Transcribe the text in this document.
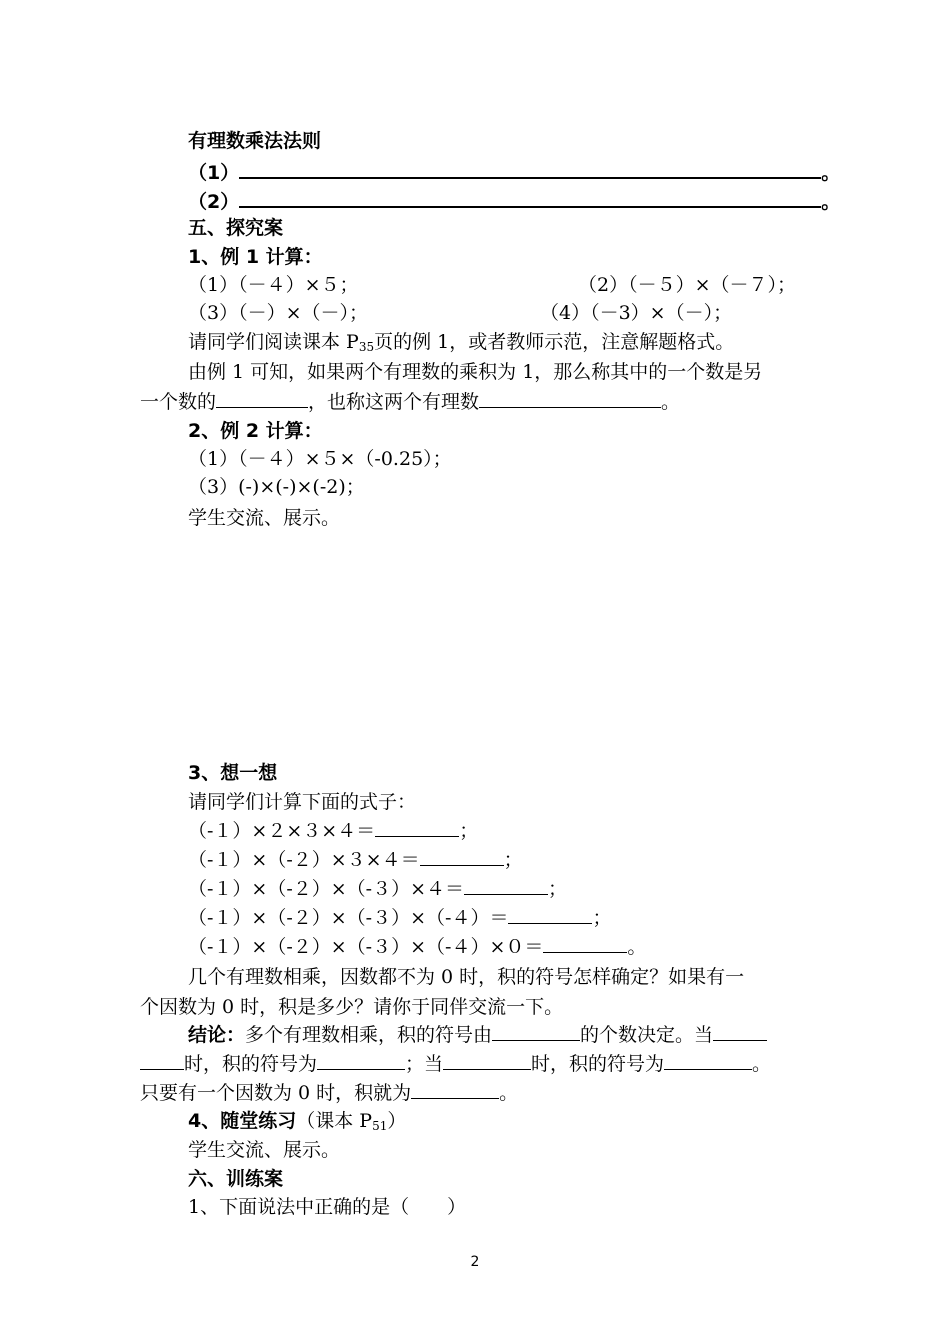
有理数乘法法则
（1）	。
（2）	。
五、探究案
1、例 1 计算：
（1）（－４）×５；	（2）（－５）×（－７）；
（3）（－）×（－）；	（4）（－3）×（－）；
请同学们阅读课本 $P_{35}$页的例 1，或者教师示范，注意解题格式。
由例 1 可知，如果两个有理数的乘积为 1，那么称其中的一个数是另
一个数的	，也称这两个有理数	。
2、例 2 计算：
（1）（－４）×５×（-0.25）；
（3）(-)×(-)×(-2)；
学生交流、展示。
3、想一想
请同学们计算下面的式子：
（-１）×２×３×４＝	；
（-１）×（-２）×３×４＝	；
（-１）×（-２）×（-３）×４＝	；
（-１）×（-２）×（-３）×（-４）＝	；
（-１）×（-２）×（-３）×（-４）×０＝	。
几个有理数相乘，因数都不为 0 时，积的符号怎样确定？如果有一
个因数为 0 时，积是多少？请你于同伴交流一下。
结论：多个有理数相乘，积的符号由	的个数决定。当
时，积的符号为	；当	时，积的符号为	。
只要有一个因数为 0 时，积就为	。
4、随堂练习（课本 $P_{51}$）
学生交流、展示。
六、训练案
1、下面说法中正确的是（　　）
2
